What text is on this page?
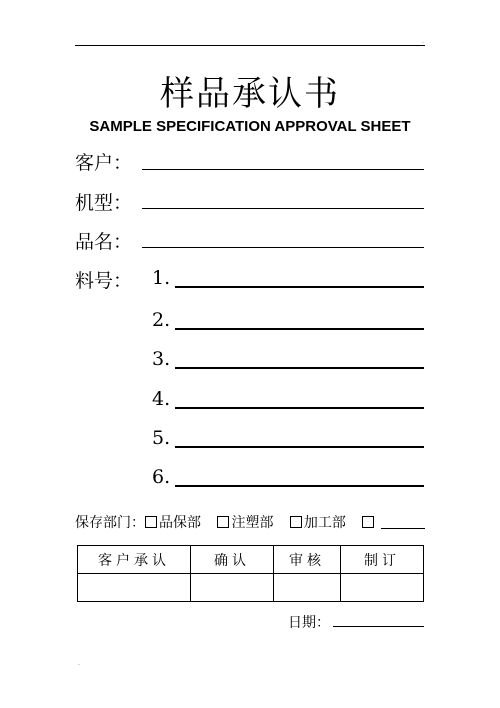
.
样品承认书
SAMPLE SPECIFICATION APPROVAL SHEET
客户：
机型：
品名：
料号： 1.
2.
3.
4.
5.
6.
保存部门： 品保部 注塑部 加工部
客户承认	确认	审核	制订

日期：
.
